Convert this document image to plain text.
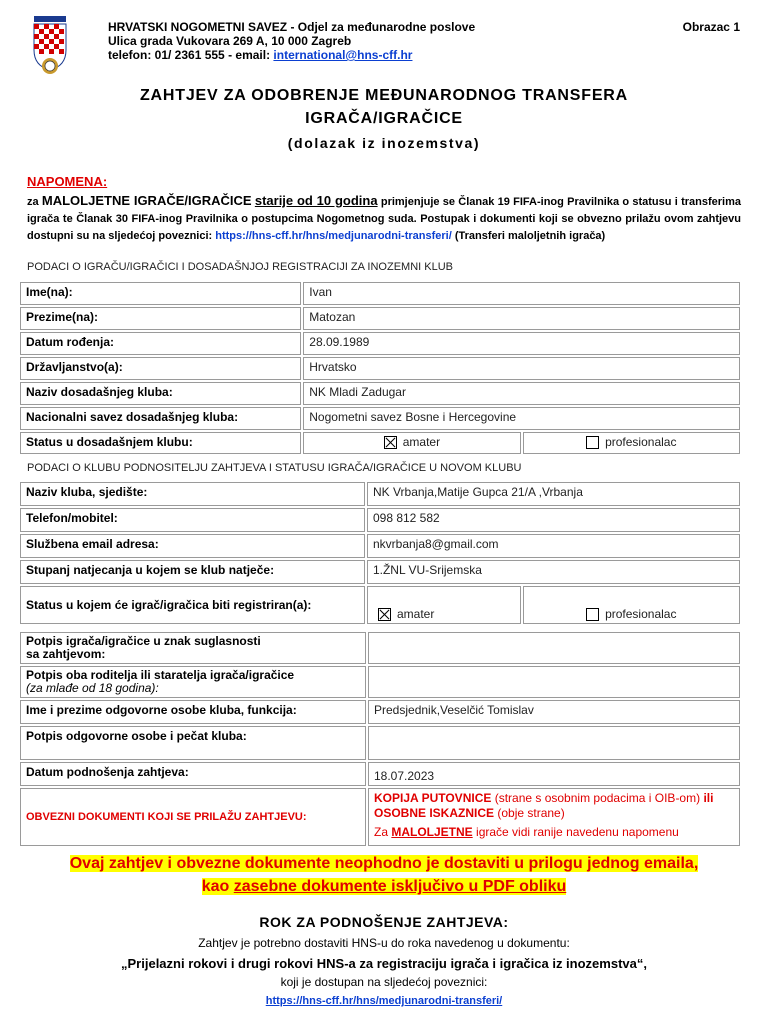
HRVATSKI NOGOMETNI SAVEZ - Odjel za međunarodne poslove
Ulica grada Vukovara 269 A, 10 000 Zagreb
telefon: 01/ 2361 555 - email: international@hns-cff.hr
Obrazac 1
ZAHTJEV ZA ODOBRENJE MEĐUNARODNOG TRANSFERA
IGRAČA/IGRAČICE
(dolazak iz inozemstva)
NAPOMENA:
za MALOLJETNE IGRAČE/IGRAČICE starije od 10 godina primjenjuje se Članak 19 FIFA-inog Pravilnika o statusu i transferima igrača te Članak 30 FIFA-inog Pravilnika o postupcima Nogometnog suda. Postupak i dokumenti koji se obvezno prilažu ovom zahtjevu dostupni su na sljedećoj poveznici: https://hns-cff.hr/hns/medjunarodni-transferi/ (Transferi maloljetnih igrača)
PODACI O IGRAČU/IGRAČICI I DOSADAŠNJOJ REGISTRACIJI ZA INOZEMNI KLUB
Ime(na):	Ivan	
Prezime(na):	Matozan	
Datum rođenja:	28.09.1989	
Državljanstvo(a):	Hrvatsko	
Naziv dosadašnjeg kluba:	NK Mladi Zadugar	
Nacionalni savez dosadašnjeg kluba:	Nogometni savez Bosne i Hercegovine	
Status u dosadašnjem klubu:	amater	profesionalac
PODACI O KLUBU PODNOSITELJU ZAHTJEVA I STATUSU IGRAČA/IGRAČICE U NOVOM KLUBU
Naziv kluba, sjedište:	NK Vrbanja,Matije Gupca 21/A ,Vrbanja	
Telefon/mobitel:	098 812 582	
Službena email adresa:	nkvrbanja8@gmail.com	
Stupanj natjecanja u kojem se klub natječe:	1.ŽNL VU-Srijemska	
Status u kojem će igrač/igračica biti registriran(a):	amater	profesionalac
Potpis igrača/igračice u znak suglasnosti
sa zahtjevom:	

Potpis oba roditelja ili staratelja igrača/igračice
(za mlađe od 18 godina):	

Ime i prezime odgovorne osobe kluba, funkcija:	Predsjednik,Veselčić Tomislav
Potpis odgovorne osobe i pečat kluba:	
Datum podnošenja zahtjeva:	18.07.2023
OBVEZNI DOKUMENTI KOJI SE PRILAŽU ZAHTJEVU:	KOPIJA PUTOVNICE (strane s osobnim podacima i OIB-om) ili OSOBNE ISKAZNICE (obje strane)
Za MALOLJETNE igrače vidi ranije navedenu napomenu
Ovaj zahtjev i obvezne dokumente neophodno je dostaviti u prilogu jednog emaila,
kao zasebne dokumente isključivo u PDF obliku
ROK ZA PODNOŠENJE ZAHTJEVA:
Zahtjev je potrebno dostaviti HNS-u do roka navedenog u dokumentu:
„Prijelazni rokovi i drugi rokovi HNS-a za registraciju igrača i igračica iz inozemstva“,
koji je dostupan na sljedećoj poveznici:
https://hns-cff.hr/hns/medjunarodni-transferi/
